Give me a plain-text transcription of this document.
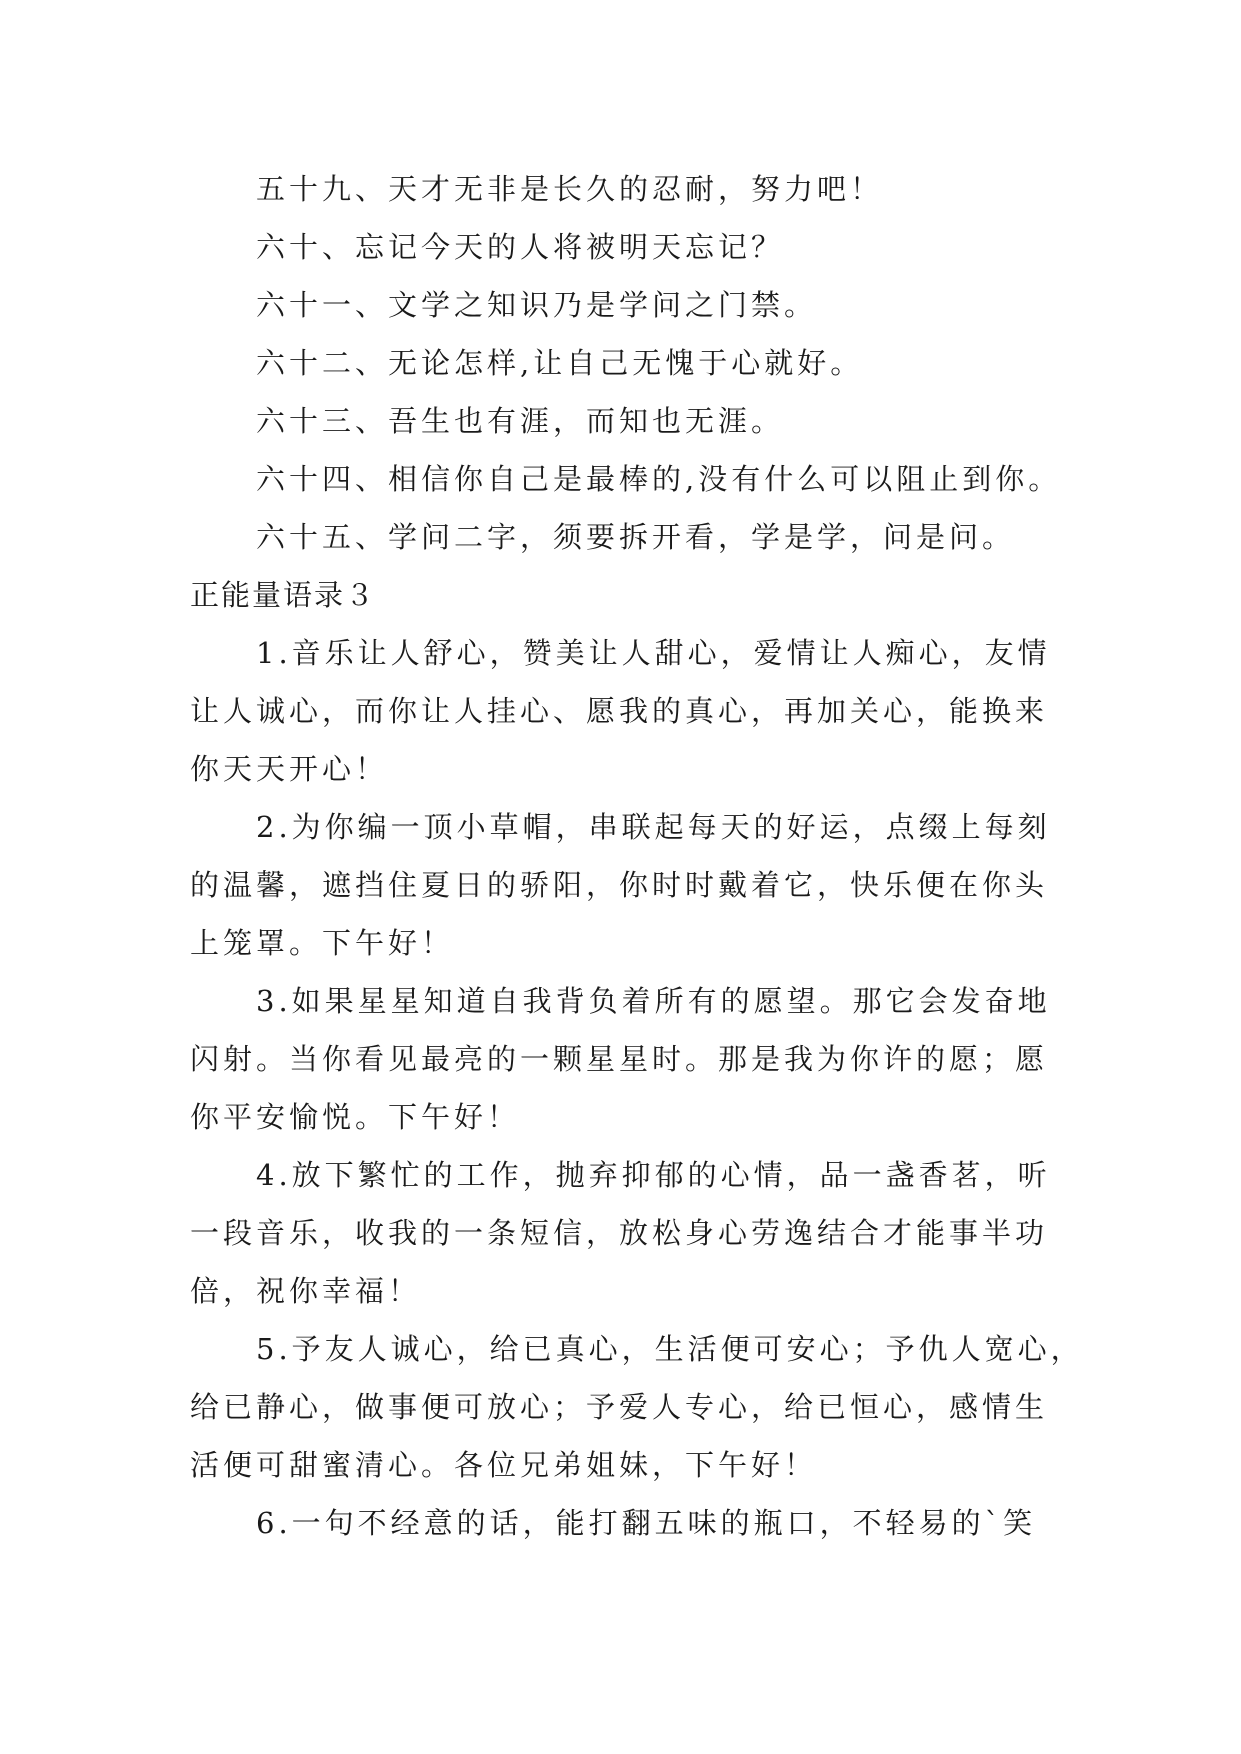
五十九、天才无非是长久的忍耐，努力吧！

六十、忘记今天的人将被明天忘记？

六十一、文学之知识乃是学问之门禁。

六十二、无论怎样,让自己无愧于心就好。

六十三、吾生也有涯，而知也无涯。

六十四、相信你自己是最棒的,没有什么可以阻止到你。

六十五、学问二字，须要拆开看，学是学，问是问。

正能量语录３

1.音乐让人舒心，赞美让人甜心，爱情让人痴心，友情
让人诚心，而你让人挂心、愿我的真心，再加关心，能换来
你天天开心！
2.为你编一顶小草帽，串联起每天的好运，点缀上每刻
的温馨，遮挡住夏日的骄阳，你时时戴着它，快乐便在你头
上笼罩。下午好！
3.如果星星知道自我背负着所有的愿望。那它会发奋地
闪射。当你看见最亮的一颗星星时。那是我为你许的愿；愿
你平安愉悦。下午好！
4.放下繁忙的工作，抛弃抑郁的心情，品一盏香茗，听
一段音乐，收我的一条短信，放松身心劳逸结合才能事半功
倍，祝你幸福！
5.予友人诚心，给已真心，生活便可安心；予仇人宽心，
给已静心，做事便可放心；予爱人专心，给已恒心，感情生
活便可甜蜜清心。各位兄弟姐妹，下午好！
6.一句不经意的话，能打翻五味的瓶口，不轻易的`笑
